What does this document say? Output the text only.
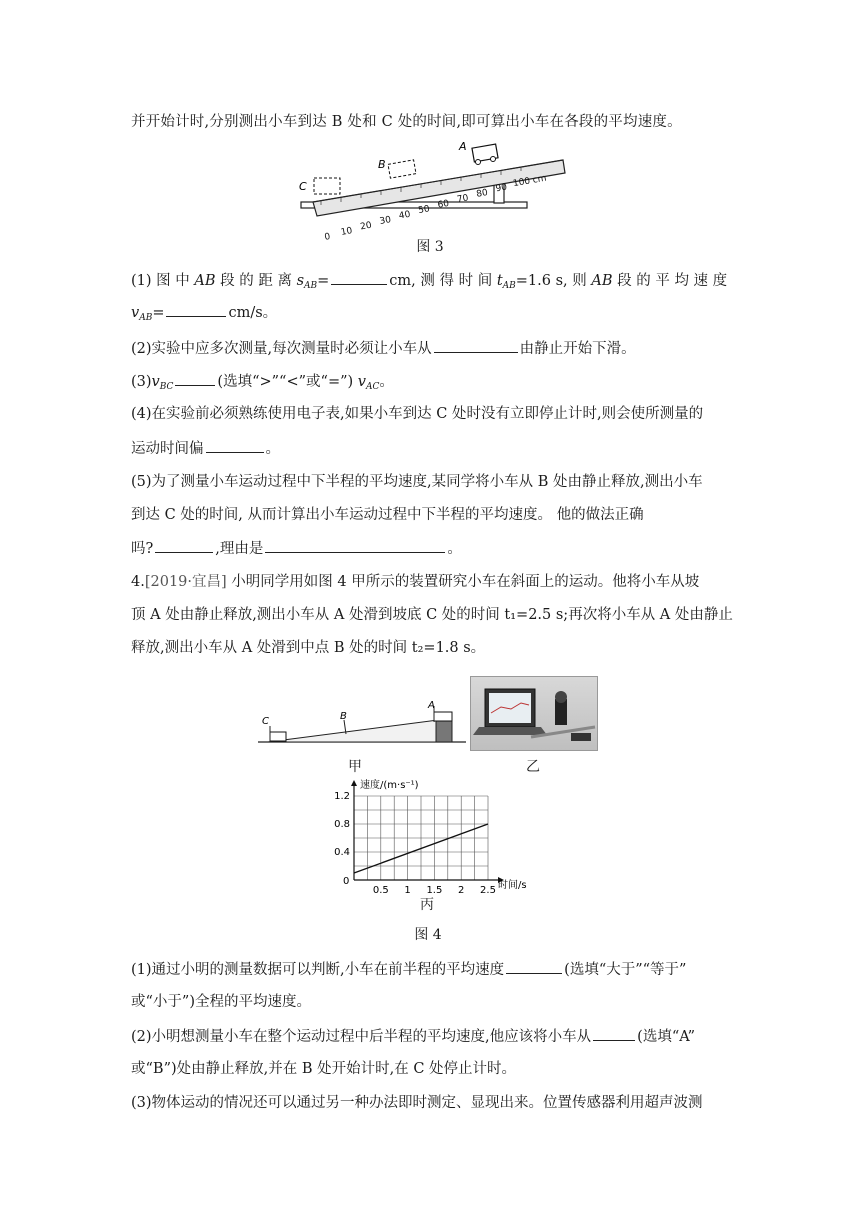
并开始计时,分别测出小车到达 B 处和 C 处的时间,即可算出小车在各段的平均速度。
0 10 20 30 40 50 60 70 80 90 100 cm
A
B
C
图 3
(1) 图 中 AB 段 的 距 离 $s_{AB}=$	cm, 测 得 时 间 $t_{AB}=1.6$ s, 则 AB 段 的 平 均 速 度
$v_{AB}=$	cm/s。
(2)实验中应多次测量,每次测量时必须让小车从	由静止开始下滑。
$(3)v_{BC}$	(选填“>”“<”或“=”) $v_{AC}$。
(4)在实验前必须熟练使用电子表,如果小车到达 C 处时没有立即停止计时,则会使所测量的
运动时间偏	。
(5)为了测量小车运动过程中下半程的平均速度,某同学将小车从 B 处由静止释放,测出小车
到达 C 处的时间, 从而计算出小车运动过程中下半程的平均速度。 他的做法正确
吗?	,理由是	。
4.[2019·宜昌] 小明同学用如图 4 甲所示的装置研究小车在斜面上的运动。他将小车从坡
顶 A 处由静止释放,测出小车从 A 处滑到坡底 C 处的时间 t₁=2.5 s;再次将小车从 A 处由静止
释放,测出小车从 A 处滑到中点 B 处的时间 t₂=1.8 s。
C	B
A
甲	乙
0.5 1 1.5 2 2.5
1.2
0.8
0.4
速度/(m·s⁻¹)
时间/s
0
丙
图 4
(1)通过小明的测量数据可以判断,小车在前半程的平均速度	(选填“大于”“等于”
或“小于”)全程的平均速度。
(2)小明想测量小车在整个运动过程中后半程的平均速度,他应该将小车从	(选填“A”
或“B”)处由静止释放,并在 B 处开始计时,在 C 处停止计时。
(3)物体运动的情况还可以通过另一种办法即时测定、显现出来。位置传感器利用超声波测
